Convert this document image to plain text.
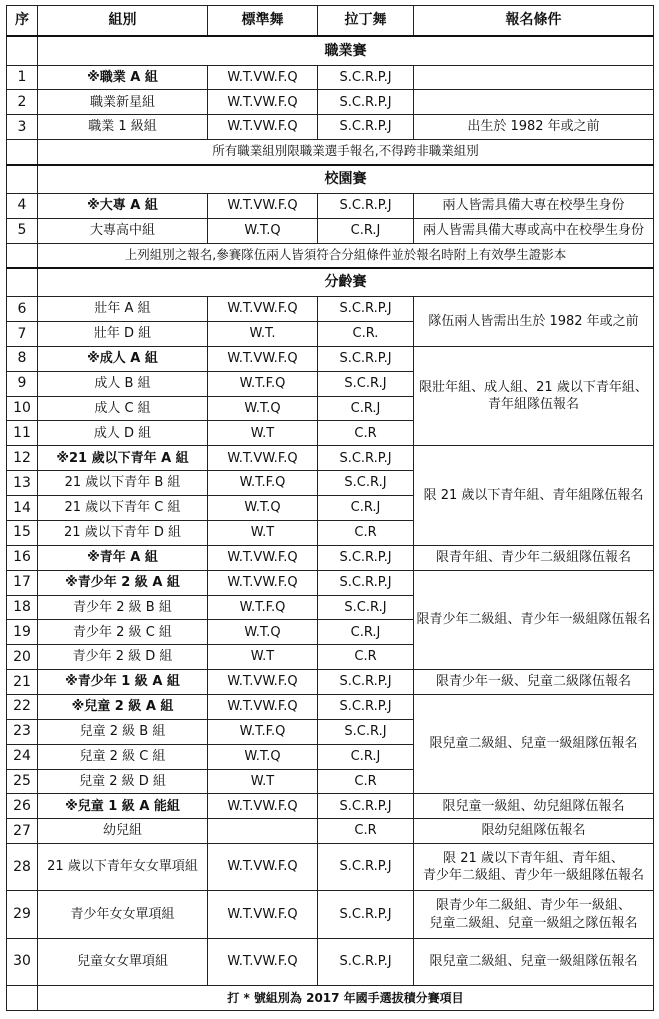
序	組別	標準舞	拉丁舞	報名條件
	職業賽			
1	※職業 A 組	W.T.VW.F.Q	S.C.R.P.J	
2	職業新星組	W.T.VW.F.Q	S.C.R.P.J	
3	職業 1 級組	W.T.VW.F.Q	S.C.R.P.J	出生於 1982 年或之前
	所有職業組別限職業選手報名,不得跨非職業組別			
	校園賽			
4	※大專 A 組	W.T.VW.F.Q	S.C.R.P.J	兩人皆需具備大專在校學生身份
5	大專高中組	W.T.Q	C.R.J	兩人皆需具備大專或高中在校學生身份
	上列組別之報名,參賽隊伍兩人皆須符合分組條件並於報名時附上有效學生證影本			
	分齡賽			
6	壯年 A 組	W.T.VW.F.Q	S.C.R.P.J	隊伍兩人皆需出生於 1982 年或之前
7	壯年 D 組	W.T.	C.R.	
8	※成人 A 組	W.T.VW.F.Q	S.C.R.P.J	限壯年組、成人組、21 歲以下青年組、
青年組隊伍報名

9	成人 B 組	W.T.F.Q	S.C.R.J	
10	成人 C 組	W.T.Q	C.R.J	
11	成人 D 組	W.T	C.R	
12	※21 歲以下青年 A 組	W.T.VW.F.Q	S.C.R.P.J	限 21 歲以下青年組、青年組隊伍報名
13	21 歲以下青年 B 組	W.T.F.Q	S.C.R.J	
14	21 歲以下青年 C 組	W.T.Q	C.R.J	
15	21 歲以下青年 D 組	W.T	C.R	
16	※青年 A 組	W.T.VW.F.Q	S.C.R.P.J	限青年組、青少年二級組隊伍報名
17	※青少年 2 級 A 組	W.T.VW.F.Q	S.C.R.P.J	限青少年二級組、青少年一級組隊伍報名
18	青少年 2 級 B 組	W.T.F.Q	S.C.R.J	
19	青少年 2 級 C 組	W.T.Q	C.R.J	
20	青少年 2 級 D 組	W.T	C.R	
21	※青少年 1 級 A 組	W.T.VW.F.Q	S.C.R.P.J	限青少年一級、兒童二級隊伍報名
22	※兒童 2 級 A 組	W.T.VW.F.Q	S.C.R.P.J	限兒童二級組、兒童一級組隊伍報名
23	兒童 2 級 B 組	W.T.F.Q	S.C.R.J	
24	兒童 2 級 C 組	W.T.Q	C.R.J	
25	兒童 2 級 D 組	W.T	C.R	
26	※兒童 1 級 A 能組	W.T.VW.F.Q	S.C.R.P.J	限兒童一級組、幼兒組隊伍報名
27	幼兒組		C.R	限幼兒組隊伍報名
28	21 歲以下青年女女單項組	W.T.VW.F.Q	S.C.R.P.J	限 21 歲以下青年組、青年組、
青少年二級組、青少年一級組隊伍報名

29	青少年女女單項組	W.T.VW.F.Q	S.C.R.P.J	限青少年二級組、青少年一級組、
兒童二級組、兒童一級組之隊伍報名

30	兒童女女單項組	W.T.VW.F.Q	S.C.R.P.J	限兒童二級組、兒童一級組隊伍報名
	打 * 號組別為 2017 年國手選拔積分賽項目			
